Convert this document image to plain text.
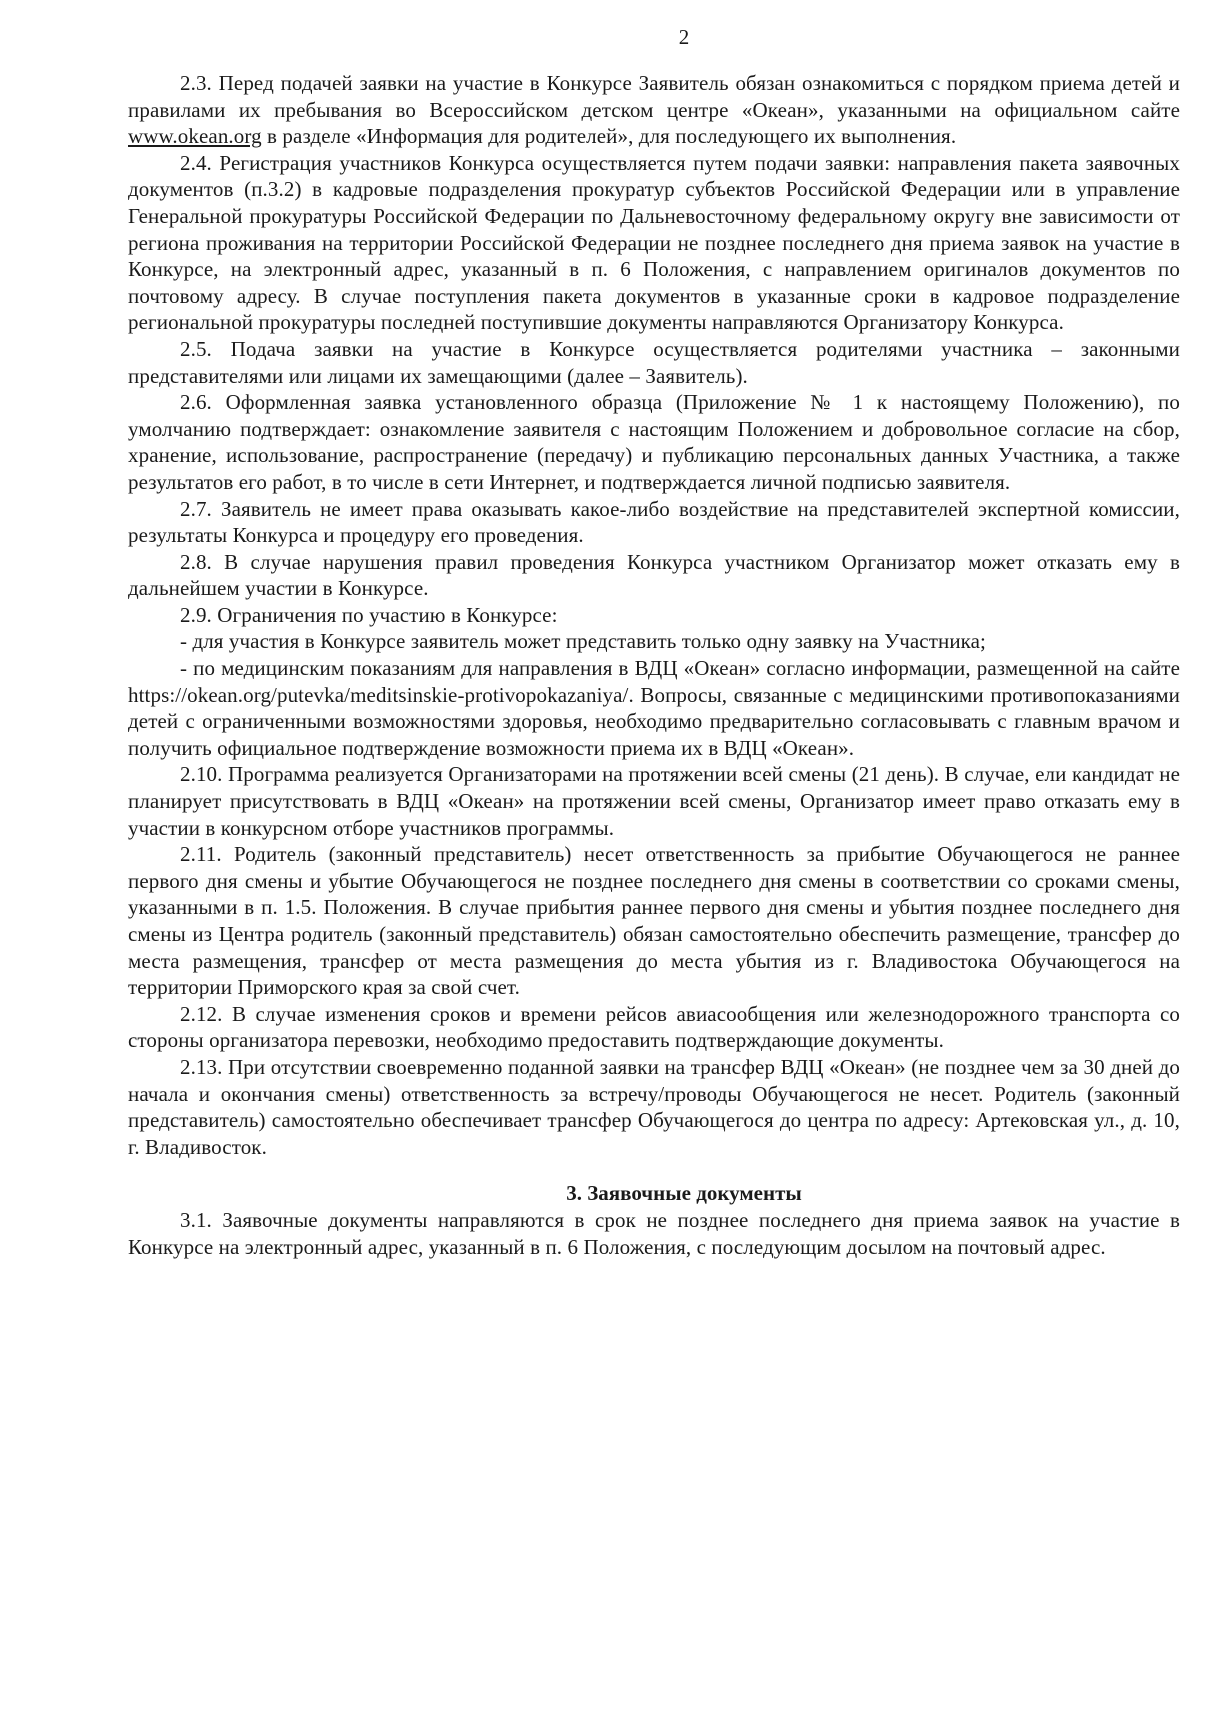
2

2.3. Перед подачей заявки на участие в Конкурсе Заявитель обязан ознакомиться с порядком приема детей и правилами их пребывания во Всероссийском детском центре «Океан», указанными на официальном сайте www.okean.org в разделе «Информация для родителей», для последующего их выполнения.

2.4. Регистрация участников Конкурса осуществляется путем подачи заявки: направления пакета заявочных документов (п.3.2) в кадровые подразделения прокуратур субъектов Российской Федерации или в управление Генеральной прокуратуры Российской Федерации по Дальневосточному федеральному округу вне зависимости от региона проживания на территории Российской Федерации не позднее последнего дня приема заявок на участие в Конкурсе, на электронный адрес, указанный в п. 6 Положения, с направлением оригиналов документов по почтовому адресу. В случае поступления пакета документов в указанные сроки в кадровое подразделение региональной прокуратуры последней поступившие документы направляются Организатору Конкурса.

2.5. Подача заявки на участие в Конкурсе осуществляется родителями участника – законными представителями или лицами их замещающими (далее – Заявитель).

2.6. Оформленная заявка установленного образца (Приложение № 1 к настоящему Положению), по умолчанию подтверждает: ознакомление заявителя с настоящим Положением и добровольное согласие на сбор, хранение, использование, распространение (передачу) и публикацию персональных данных Участника, а также результатов его работ, в то числе в сети Интернет, и подтверждается личной подписью заявителя.

2.7. Заявитель не имеет права оказывать какое-либо воздействие на представителей экспертной комиссии, результаты Конкурса и процедуру его проведения.

2.8. В случае нарушения правил проведения Конкурса участником Организатор может отказать ему в дальнейшем участии в Конкурсе.

2.9. Ограничения по участию в Конкурсе:

- для участия в Конкурсе заявитель может представить только одну заявку на Участника;

- по медицинским показаниям для направления в ВДЦ «Океан» согласно информации, размещенной на сайте https://okean.org/putevka/meditsinskie-protivopokazaniya/. Вопросы, связанные с медицинскими противопоказаниями детей с ограниченными возможностями здоровья, необходимо предварительно согласовывать с главным врачом и получить официальное подтверждение возможности приема их в ВДЦ «Океан».

2.10. Программа реализуется Организаторами на протяжении всей смены (21 день). В случае, ели кандидат не планирует присутствовать в ВДЦ «Океан» на протяжении всей смены, Организатор имеет право отказать ему в участии в конкурсном отборе участников программы.

2.11. Родитель (законный представитель) несет ответственность за прибытие Обучающегося не раннее первого дня смены и убытие Обучающегося не позднее последнего дня смены в соответствии со сроками смены, указанными в п. 1.5. Положения. В случае прибытия раннее первого дня смены и убытия позднее последнего дня смены из Центра родитель (законный представитель) обязан самостоятельно обеспечить размещение, трансфер до места размещения, трансфер от места размещения до места убытия из г. Владивостока Обучающегося на территории Приморского края за свой счет.

2.12. В случае изменения сроков и времени рейсов авиасообщения или железнодорожного транспорта со стороны организатора перевозки, необходимо предоставить подтверждающие документы.

2.13. При отсутствии своевременно поданной заявки на трансфер ВДЦ «Океан» (не позднее чем за 30 дней до начала и окончания смены) ответственность за встречу/проводы Обучающегося не несет. Родитель (законный представитель) самостоятельно обеспечивает трансфер Обучающегося до центра по адресу: Артековская ул., д. 10, г. Владивосток.

3. Заявочные документы

3.1. Заявочные документы направляются в срок не позднее последнего дня приема заявок на участие в Конкурсе на электронный адрес, указанный в п. 6 Положения, с последующим досылом на почтовый адрес.
